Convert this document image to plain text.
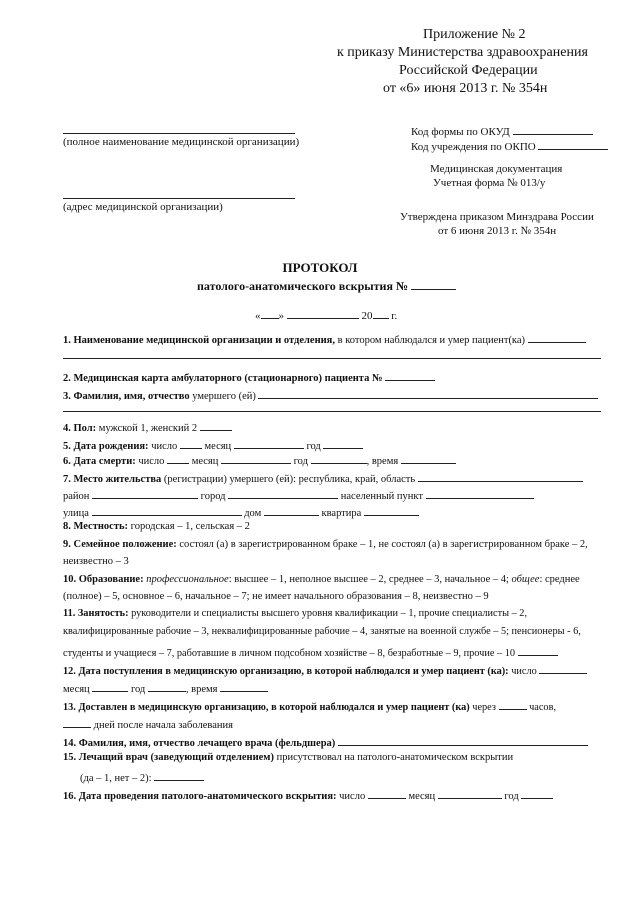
Приложение № 2
к приказу Министерства здравоохранения
Российской Федерации
от «6» июня 2013 г. № 354н
(полное наименование медицинской организации)
(адрес медицинской организации)
Код формы по ОКУД
Код учреждения по ОКПО
Медицинская документация
Учетная форма № 013/у
Утверждена приказом Минздрава России
от 6 июня 2013 г. № 354н
ПРОТОКОЛ
патолого-анатомического вскрытия №
« »	20 г.
1. Наименование медицинской организации и отделения, в котором наблюдался и умер пациент(ка)
2. Медицинская карта амбулаторного (стационарного) пациента №
3. Фамилия, имя, отчество умершего (ей)
4. Пол: мужской 1, женский 2
5. Дата рождения: число	месяц	год
6. Дата смерти: число	месяц	год	, время
7. Место жительства (регистрации) умершего (ей): республика, край, область
район	город	населенный пункт
улица	дом	квартира
8. Местность: городская – 1, сельская – 2
9. Семейное положение: состоял (а) в зарегистрированном браке – 1, не состоял (а) в зарегистрированном браке – 2,
неизвестно – 3
10. Образование: профессиональное: высшее – 1, неполное высшее – 2, среднее – 3, начальное – 4; общее: среднее
(полное) – 5, основное – 6, начальное – 7; не имеет начального образования – 8, неизвестно – 9
11. Занятость: руководители и специалисты высшего уровня квалификации – 1, прочие специалисты – 2,
квалифицированные рабочие – 3, неквалифицированные рабочие – 4, занятые на военной службе – 5; пенсионеры - 6,
студенты и учащиеся – 7, работавшие в личном подсобном хозяйстве – 8, безработные – 9, прочие – 10
12. Дата поступления в медицинскую организацию, в которой наблюдался и умер пациент (ка): число
месяц	год	, время
13. Доставлен в медицинскую организацию, в которой наблюдался и умер пациент (ка) через	часов,
дней после начала заболевания
14. Фамилия, имя, отчество лечащего врача (фельдшера)
15. Лечащий врач (заведующий отделением) присутствовал на патолого-анатомическом вскрытии
(да – 1, нет – 2):
16. Дата проведения патолого-анатомического вскрытия: число	месяц	год
